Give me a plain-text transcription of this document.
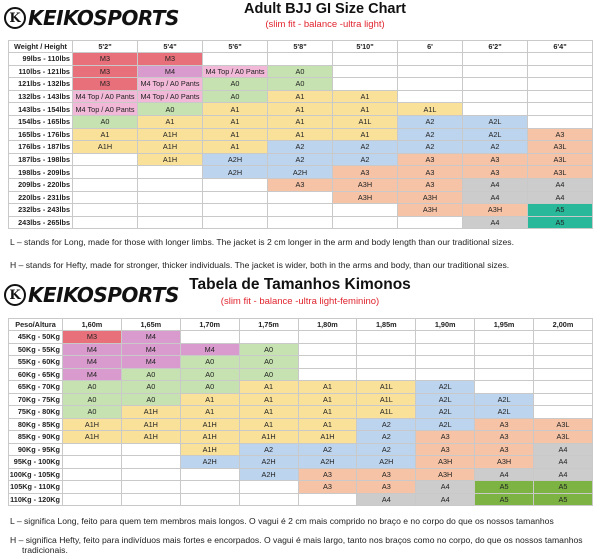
K KEIKOSPORTS	Adult BJJ GI Size Chart
(slim fit - balance -ultra light)
Weight / Height	5'2"	5'4"	5'6"	5'8"	5'10"	6'	6'2"	6'4"
99lbs - 110lbs	M3	M3						
110lbs - 121lbs	M3	M4	M4 Top / A0 Pants	A0				
121lbs - 132lbs	M3	M4 Top / A0 Pants	A0	A0				
132lbs - 143lbs	M4 Top / A0 Pants	M4 Top / A0 Pants	A0	A1	A1			
143lbs - 154lbs	M4 Top / A0 Pants	A0	A1	A1	A1	A1L		
154lbs - 165lbs	A0	A1	A1	A1	A1L	A2	A2L	
165lbs - 176lbs	A1	A1H	A1	A1	A1	A2	A2L	A3
176lbs - 187lbs	A1H	A1H	A1	A2	A2	A2	A2	A3L
187lbs - 198lbs		A1H	A2H	A2	A2	A3	A3	A3L
198lbs - 209lbs			A2H	A2H	A3	A3	A3	A3L
209lbs - 220lbs				A3	A3H	A3	A4	A4
220lbs - 231lbs					A3H	A3H	A4	A4
232lbs - 243lbs						A3H	A3H	A5
243lbs - 265lbs							A4	A5
L – stands for Long, made for those with longer limbs. The jacket is 2 cm longer in the arm and body length than our traditional sizes.
H – stands for Hefty, made for stronger, thicker individuals. The jacket is wider, both in the arms and body, than our traditional sizes.
K KEIKOSPORTS Tabela de Tamanhos Kimonos
(slim fit - balance -ultra light-feminino)
Peso/Altura	1,60m	1,65m	1,70m	1,75m	1,80m	1,85m	1,90m	1,95m	2,00m
45Kg - 50Kg	M3	M4							
50Kg - 55Kg	M4	M4	M4	A0					
55Kg - 60Kg	M4	M4	A0	A0					
60Kg - 65Kg	M4	A0	A0	A0					
65Kg - 70Kg	A0	A0	A0	A1	A1	A1L	A2L		
70Kg - 75Kg	A0	A0	A1	A1	A1	A1L	A2L	A2L	
75Kg - 80Kg	A0	A1H	A1	A1	A1	A1L	A2L	A2L	
80Kg - 85Kg	A1H	A1H	A1H	A1	A1	A2	A2L	A3	A3L
85Kg - 90Kg	A1H	A1H	A1H	A1H	A1H	A2	A3	A3	A3L
90Kg - 95Kg			A1H	A2	A2	A2	A3	A3	A4
95Kg - 100Kg			A2H	A2H	A2H	A2H	A3H	A3H	A4
100Kg - 105Kg				A2H	A3	A3	A3H	A4	A4
105Kg - 110Kg					A3	A3	A4	A5	A5
110Kg - 120Kg						A4	A4	A5	A5
L – significa Long, feito para quem tem membros mais longos. O vagui é 2 cm mais comprido no braço e no corpo do que os nossos tamanhos
H – significa Hefty, feito para indivíduos mais fortes e encorpados. O vagui é mais largo, tanto nos braços como no corpo, do que os nossos tamanhos tradicionais.
